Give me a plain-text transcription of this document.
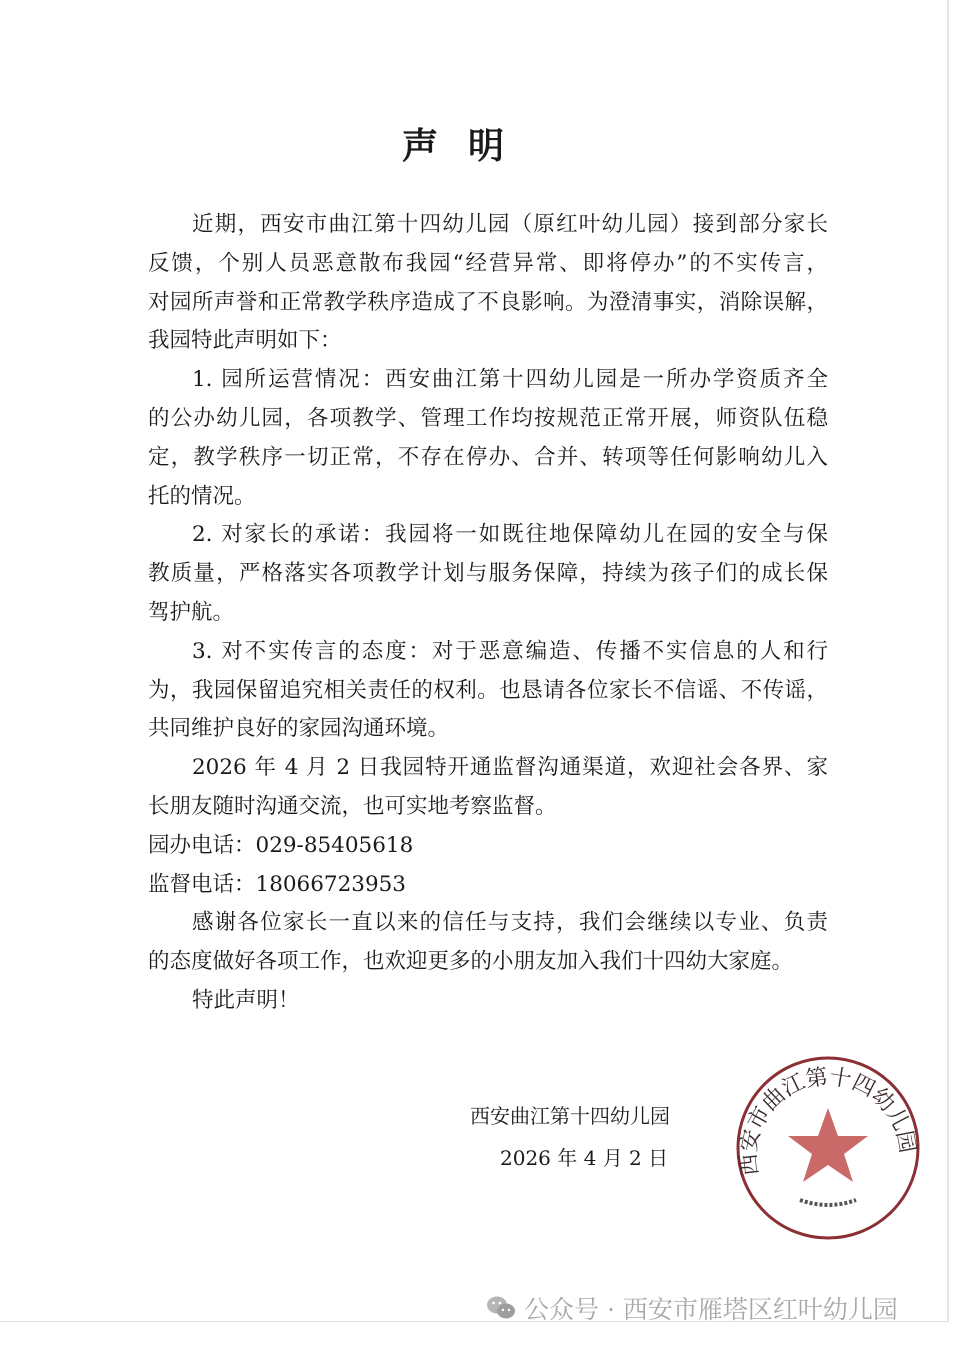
声明
近期，西安市曲江第十四幼儿园（原红叶幼儿园）接到部分家长
反馈，个别人员恶意散布我园“经营异常、即将停办”的不实传言，
对园所声誉和正常教学秩序造成了不良影响。为澄清事实，消除误解，
我园特此声明如下：
1. 园所运营情况：西安曲江第十四幼儿园是一所办学资质齐全
的公办幼儿园，各项教学、管理工作均按规范正常开展，师资队伍稳
定，教学秩序一切正常，不存在停办、合并、转项等任何影响幼儿入
托的情况。
2. 对家长的承诺：我园将一如既往地保障幼儿在园的安全与保
教质量，严格落实各项教学计划与服务保障，持续为孩子们的成长保
驾护航。
3. 对不实传言的态度：对于恶意编造、传播不实信息的人和行
为，我园保留追究相关责任的权利。也恳请各位家长不信谣、不传谣，
共同维护良好的家园沟通环境。
2026 年 4 月 2 日我园特开通监督沟通渠道，欢迎社会各界、家
长朋友随时沟通交流，也可实地考察监督。
园办电话：029-85405618
监督电话：18066723953
感谢各位家长一直以来的信任与支持，我们会继续以专业、负责
的态度做好各项工作，也欢迎更多的小朋友加入我们十四幼大家庭。
特此声明！
西安市曲江第十四幼儿园
西安曲江第十四幼儿园
2026 年 4 月 2 日
公众号 · 西安市雁塔区红叶幼儿园
